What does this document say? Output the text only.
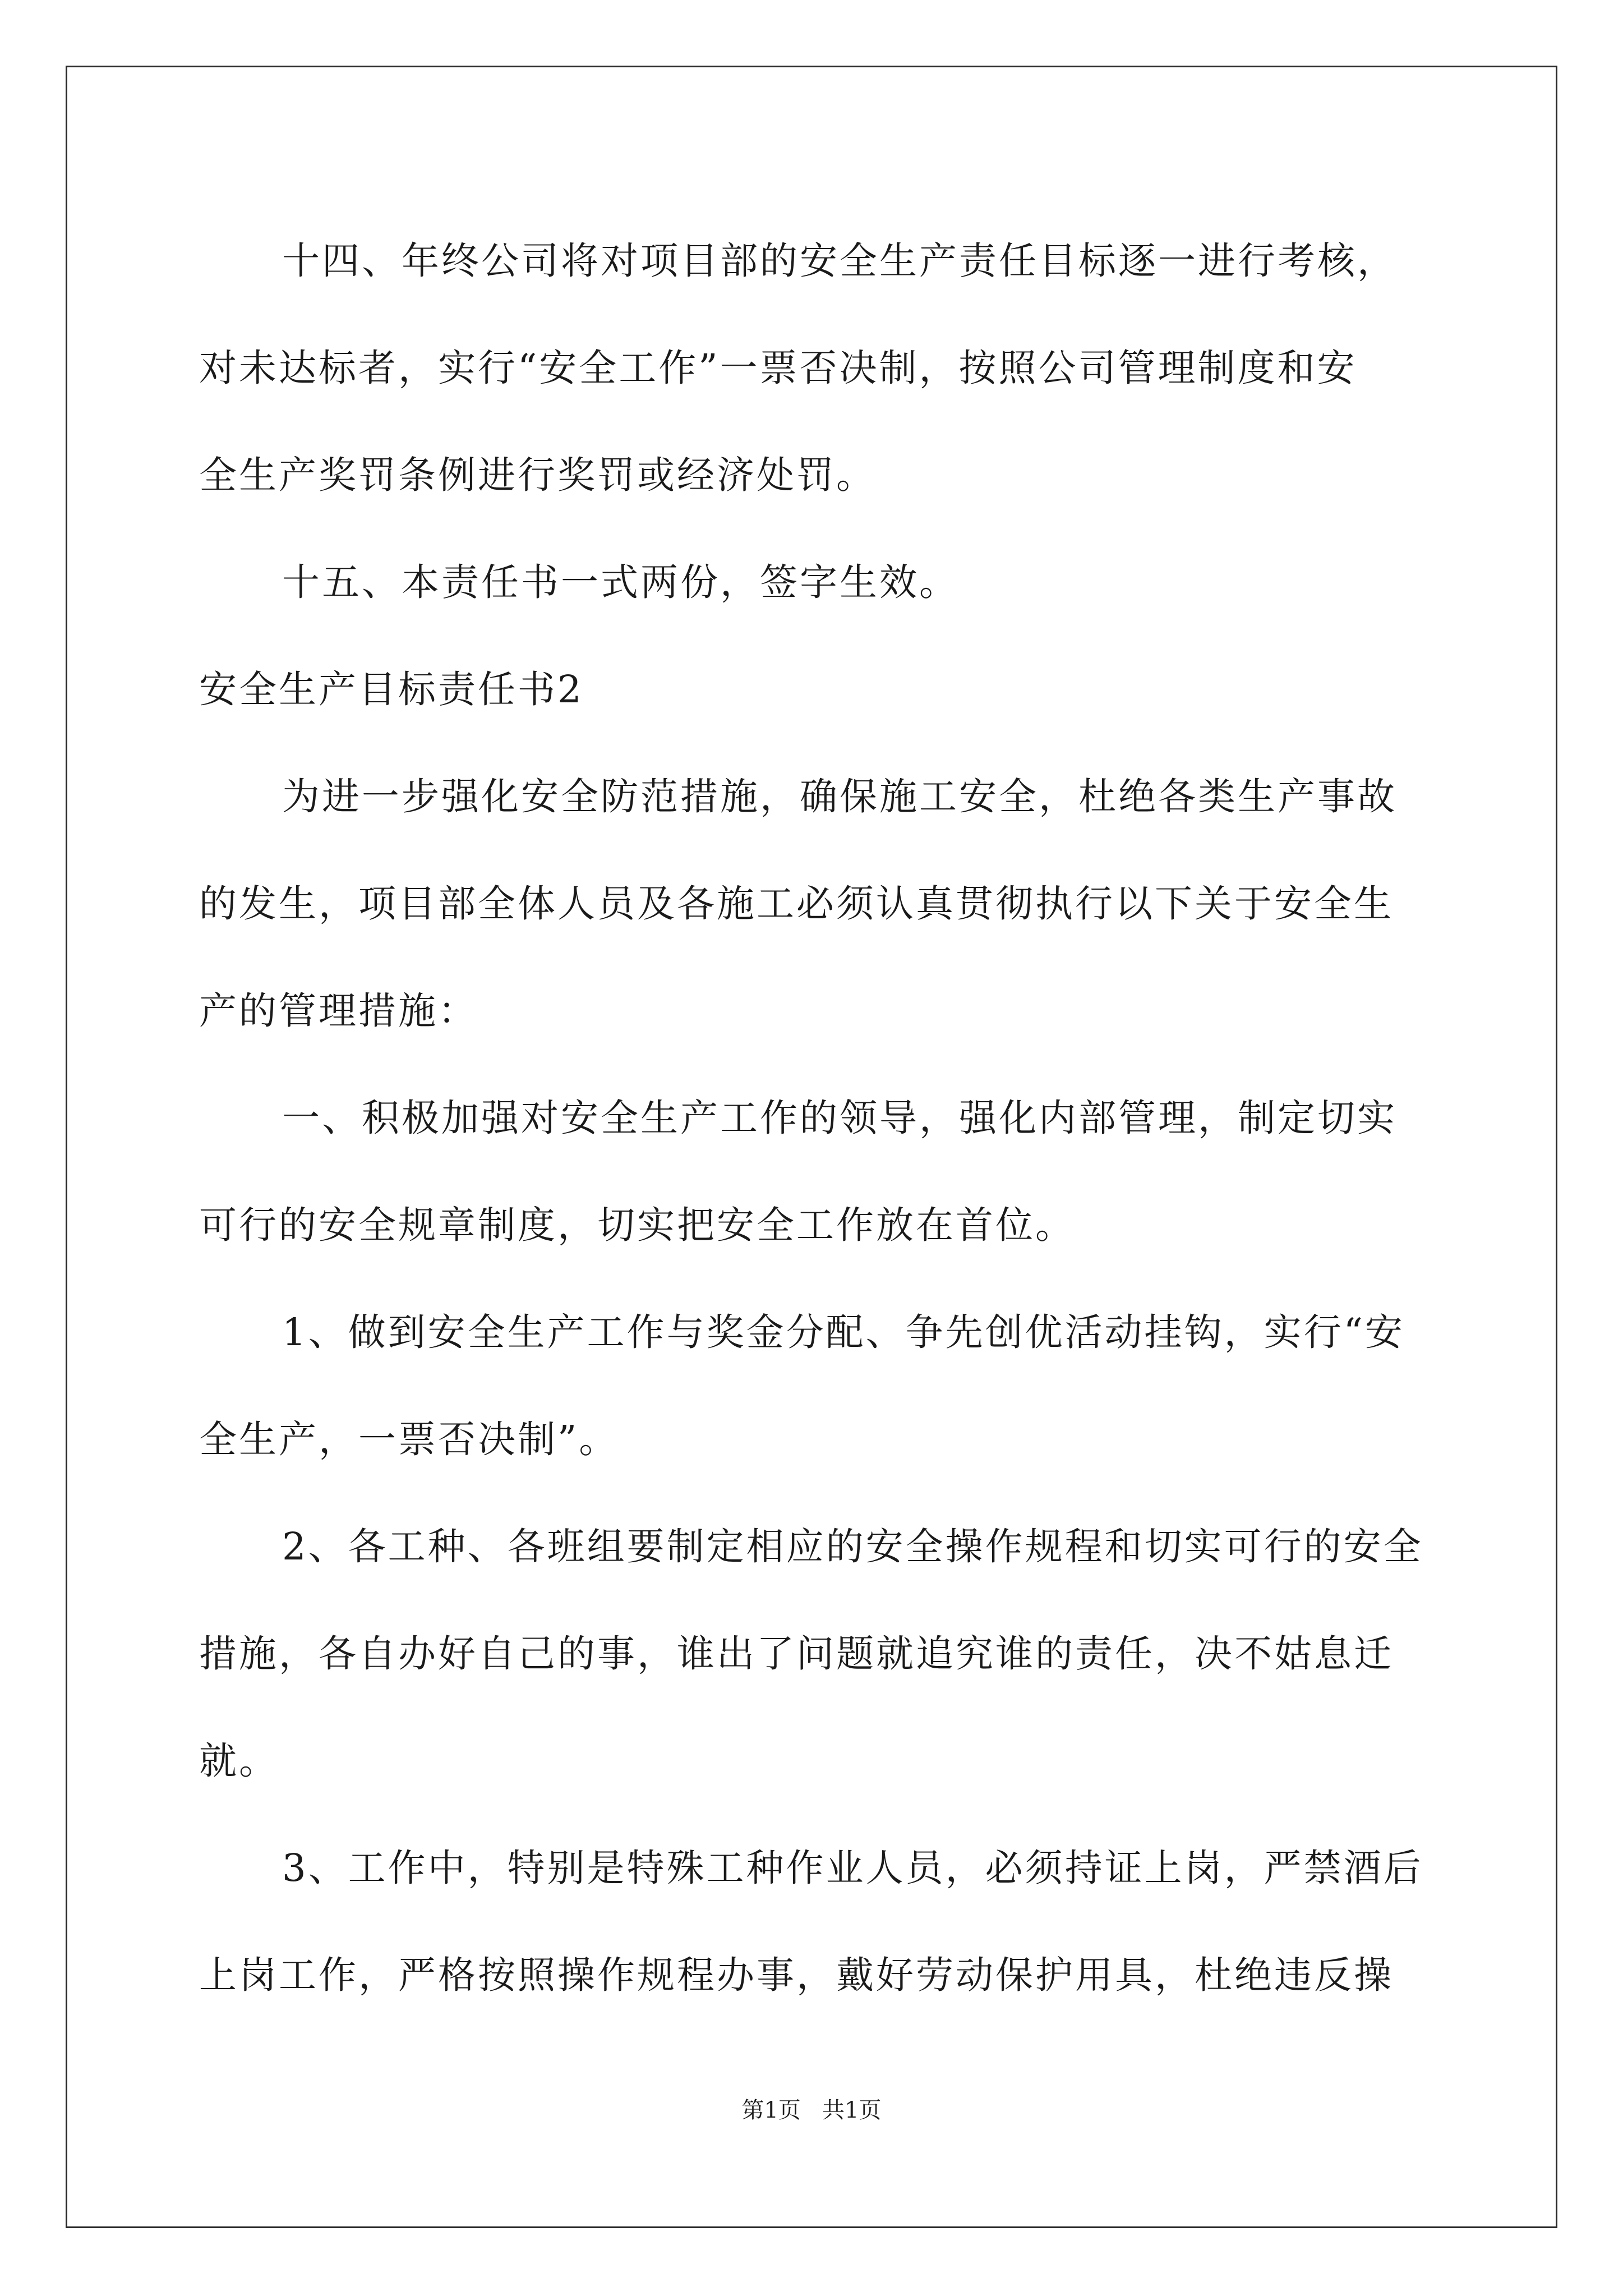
十四、年终公司将对项目部的安全生产责任目标逐一进行考核，
对未达标者，实行“安全工作”一票否决制，按照公司管理制度和安
全生产奖罚条例进行奖罚或经济处罚。
十五、本责任书一式两份，签字生效。
安全生产目标责任书2
为进一步强化安全防范措施，确保施工安全，杜绝各类生产事故
的发生，项目部全体人员及各施工必须认真贯彻执行以下关于安全生
产的管理措施：
一、积极加强对安全生产工作的领导，强化内部管理，制定切实
可行的安全规章制度，切实把安全工作放在首位。
1、做到安全生产工作与奖金分配、争先创优活动挂钩，实行“安
全生产，一票否决制”。
2、各工种、各班组要制定相应的安全操作规程和切实可行的安全
措施，各自办好自己的事，谁出了问题就追究谁的责任，决不姑息迁
就。
3、工作中，特别是特殊工种作业人员，必须持证上岗，严禁酒后
上岗工作，严格按照操作规程办事，戴好劳动保护用具，杜绝违反操
第1页   共1页
